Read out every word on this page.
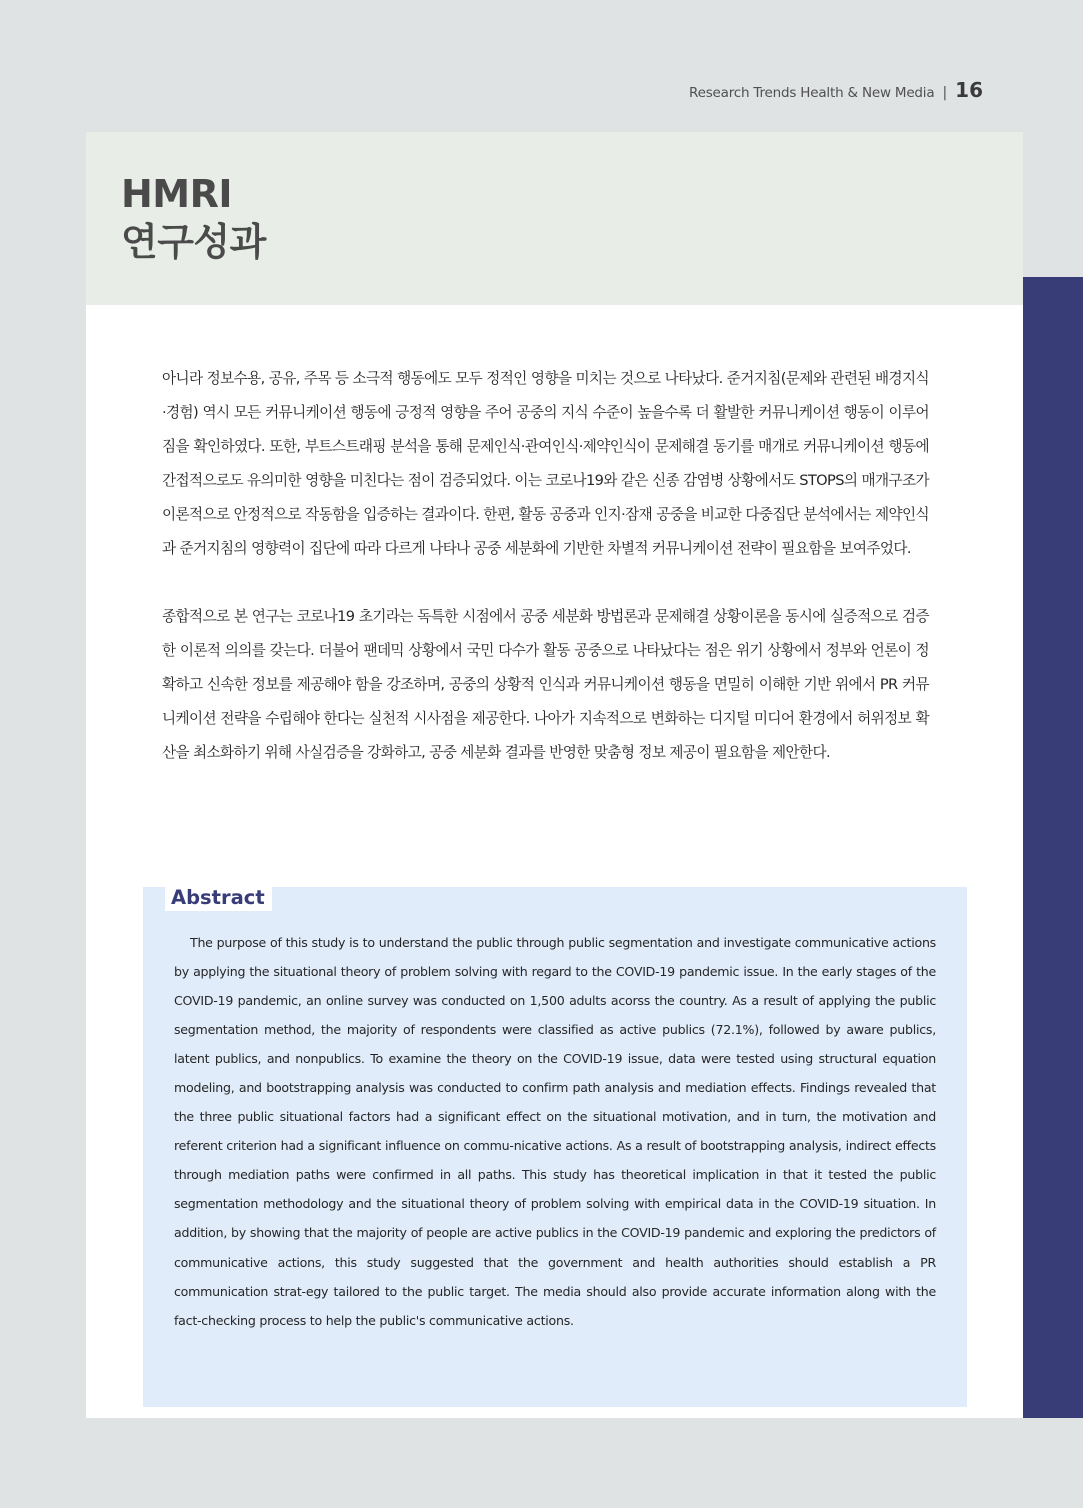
Research Trends Health & New Media | 16
HMRI
연구성과

아니라 정보수용, 공유, 주목 등 소극적 행동에도 모두 정적인 영향을 미치는 것으로 나타났다. 준거지침(문제와 관련된 배경지식·경험) 역시 모든 커뮤니케이션 행동에 긍정적 영향을 주어 공중의 지식 수준이 높을수록 더 활발한 커뮤니케이션 행동이 이루어짐을 확인하였다. 또한, 부트스트래핑 분석을 통해 문제인식·관여인식·제약인식이 문제해결 동기를 매개로 커뮤니케이션 행동에 간접적으로도 유의미한 영향을 미친다는 점이 검증되었다. 이는 코로나19와 같은 신종 감염병 상황에서도 STOPS의 매개구조가 이론적으로 안정적으로 작동함을 입증하는 결과이다. 한편, 활동 공중과 인지·잠재 공중을 비교한 다중집단 분석에서는 제약인식과 준거지침의 영향력이 집단에 따라 다르게 나타나 공중 세분화에 기반한 차별적 커뮤니케이션 전략이 필요함을 보여주었다.

종합적으로 본 연구는 코로나19 초기라는 독특한 시점에서 공중 세분화 방법론과 문제해결 상황이론을 동시에 실증적으로 검증한 이론적 의의를 갖는다. 더불어 팬데믹 상황에서 국민 다수가 활동 공중으로 나타났다는 점은 위기 상황에서 정부와 언론이 정확하고 신속한 정보를 제공해야 함을 강조하며, 공중의 상황적 인식과 커뮤니케이션 행동을 면밀히 이해한 기반 위에서 PR 커뮤니케이션 전략을 수립해야 한다는 실천적 시사점을 제공한다. 나아가 지속적으로 변화하는 디지털 미디어 환경에서 허위정보 확산을 최소화하기 위해 사실검증을 강화하고, 공중 세분화 결과를 반영한 맞춤형 정보 제공이 필요함을 제안한다.

Abstract

The purpose of this study is to understand the public through public segmentation and investigate communicative actions by applying the situational theory of problem solving with regard to the COVID-19 pandemic issue. In the early stages of the COVID-19 pandemic, an online survey was conducted on 1,500 adults acorss the country. As a result of applying the public segmentation method, the majority of respondents were classified as active publics (72.1%), followed by aware publics, latent publics, and nonpublics. To examine the theory on the COVID-19 issue, data were tested using structural equation modeling, and bootstrapping analysis was conducted to confirm path analysis and mediation effects. Findings revealed that the three public situational factors had a significant effect on the situational motivation, and in turn, the motivation and referent criterion had a significant influence on commu-nicative actions. As a result of bootstrapping analysis, indirect effects through mediation paths were confirmed in all paths. This study has theoretical implication in that it tested the public segmentation methodology and the situational theory of problem solving with empirical data in the COVID-19 situation. In addition, by showing that the majority of people are active publics in the COVID-19 pandemic and exploring the predictors of communicative actions, this study suggested that the government and health authorities should establish a PR communication strat-egy tailored to the public target. The media should also provide accurate information along with the fact-checking process to help the public's communicative actions.
